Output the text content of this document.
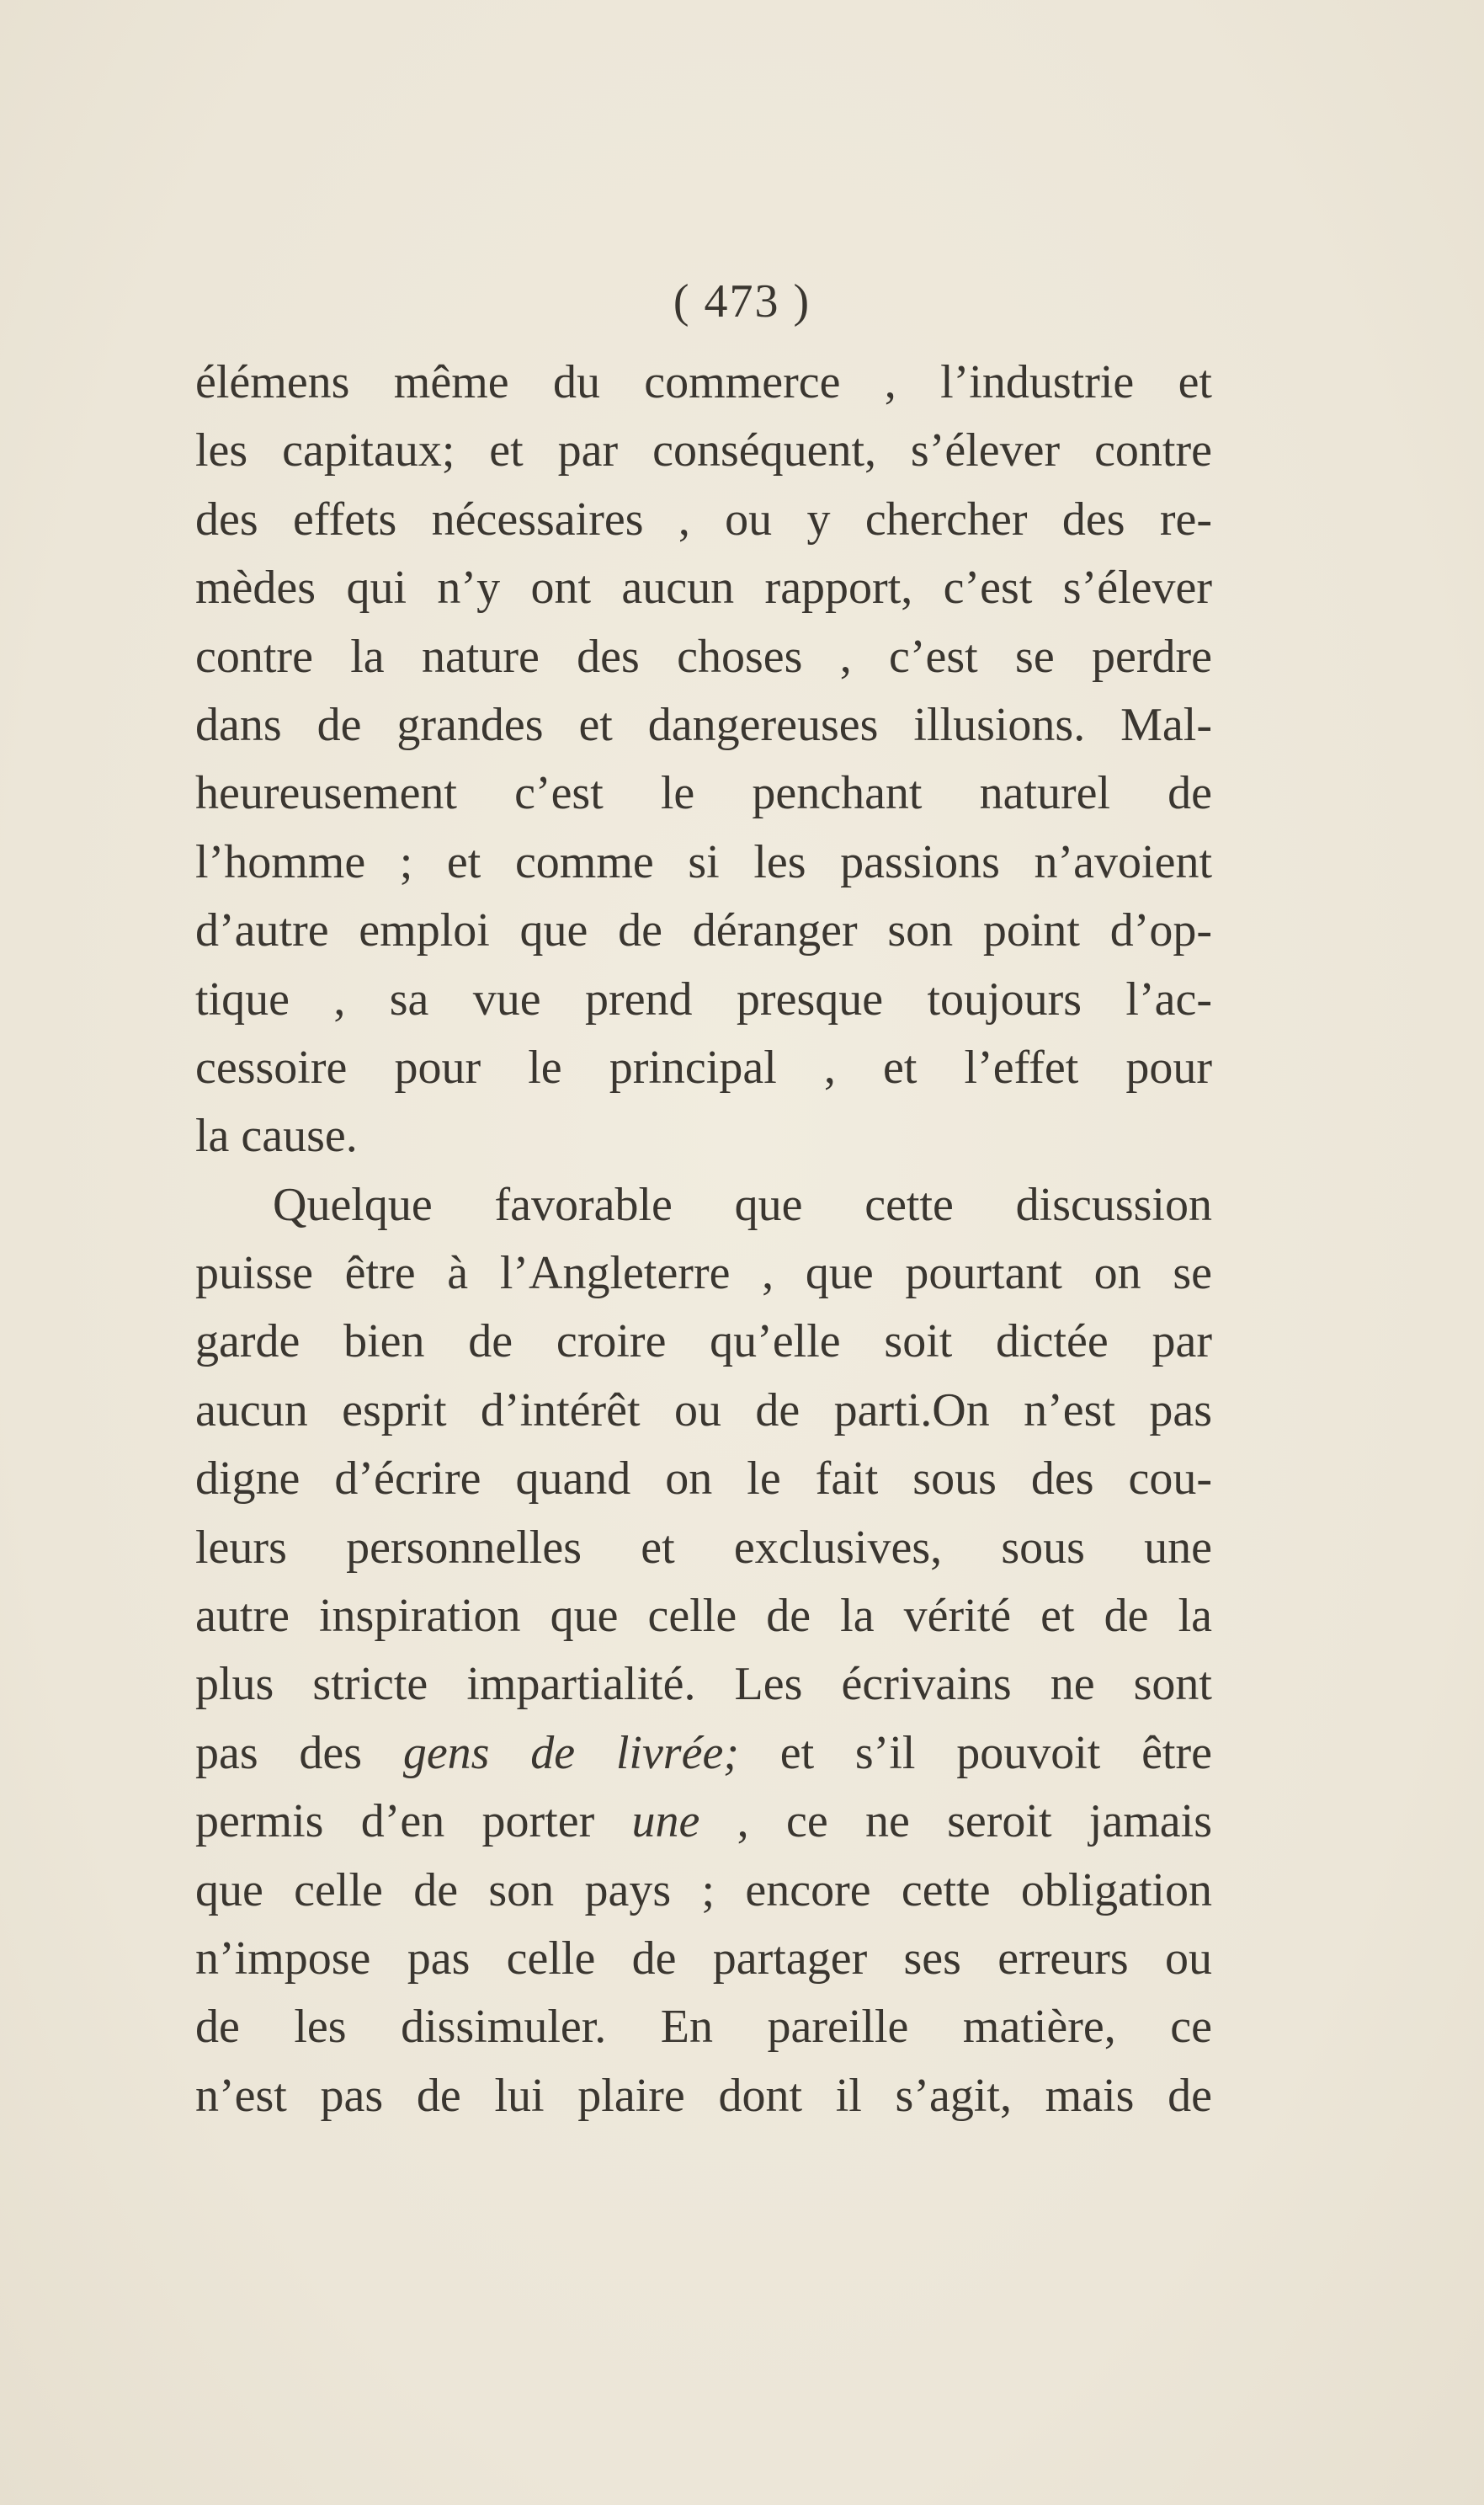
( 473 )
élémens même du commerce , l’industrie et
les capitaux; et par conséquent, s’élever contre
des effets nécessaires , ou y chercher des re-
mèdes qui n’y ont aucun rapport, c’est s’élever
contre la nature des choses , c’est se perdre
dans de grandes et dangereuses illusions. Mal-
heureusement c’est le penchant naturel de
l’homme ; et comme si les passions n’avoient
d’autre emploi que de déranger son point d’op-
tique , sa vue prend presque toujours l’ac-
cessoire pour le principal , et l’effet pour
la cause.
Quelque favorable que cette discussion
puisse être à l’Angleterre , que pourtant on se
garde bien de croire qu’elle soit dictée par
aucun esprit d’intérêt ou de parti.On n’est pas
digne d’écrire quand on le fait sous des cou-
leurs personnelles et exclusives, sous une
autre inspiration que celle de la vérité et de la
plus stricte impartialité. Les écrivains ne sont
pas des gens de livrée; et s’il pouvoit être
permis d’en porter une , ce ne seroit jamais
que celle de son pays ; encore cette obligation
n’impose pas celle de partager ses erreurs ou
de les dissimuler. En pareille matière, ce
n’est pas de lui plaire dont il s’agit, mais de
